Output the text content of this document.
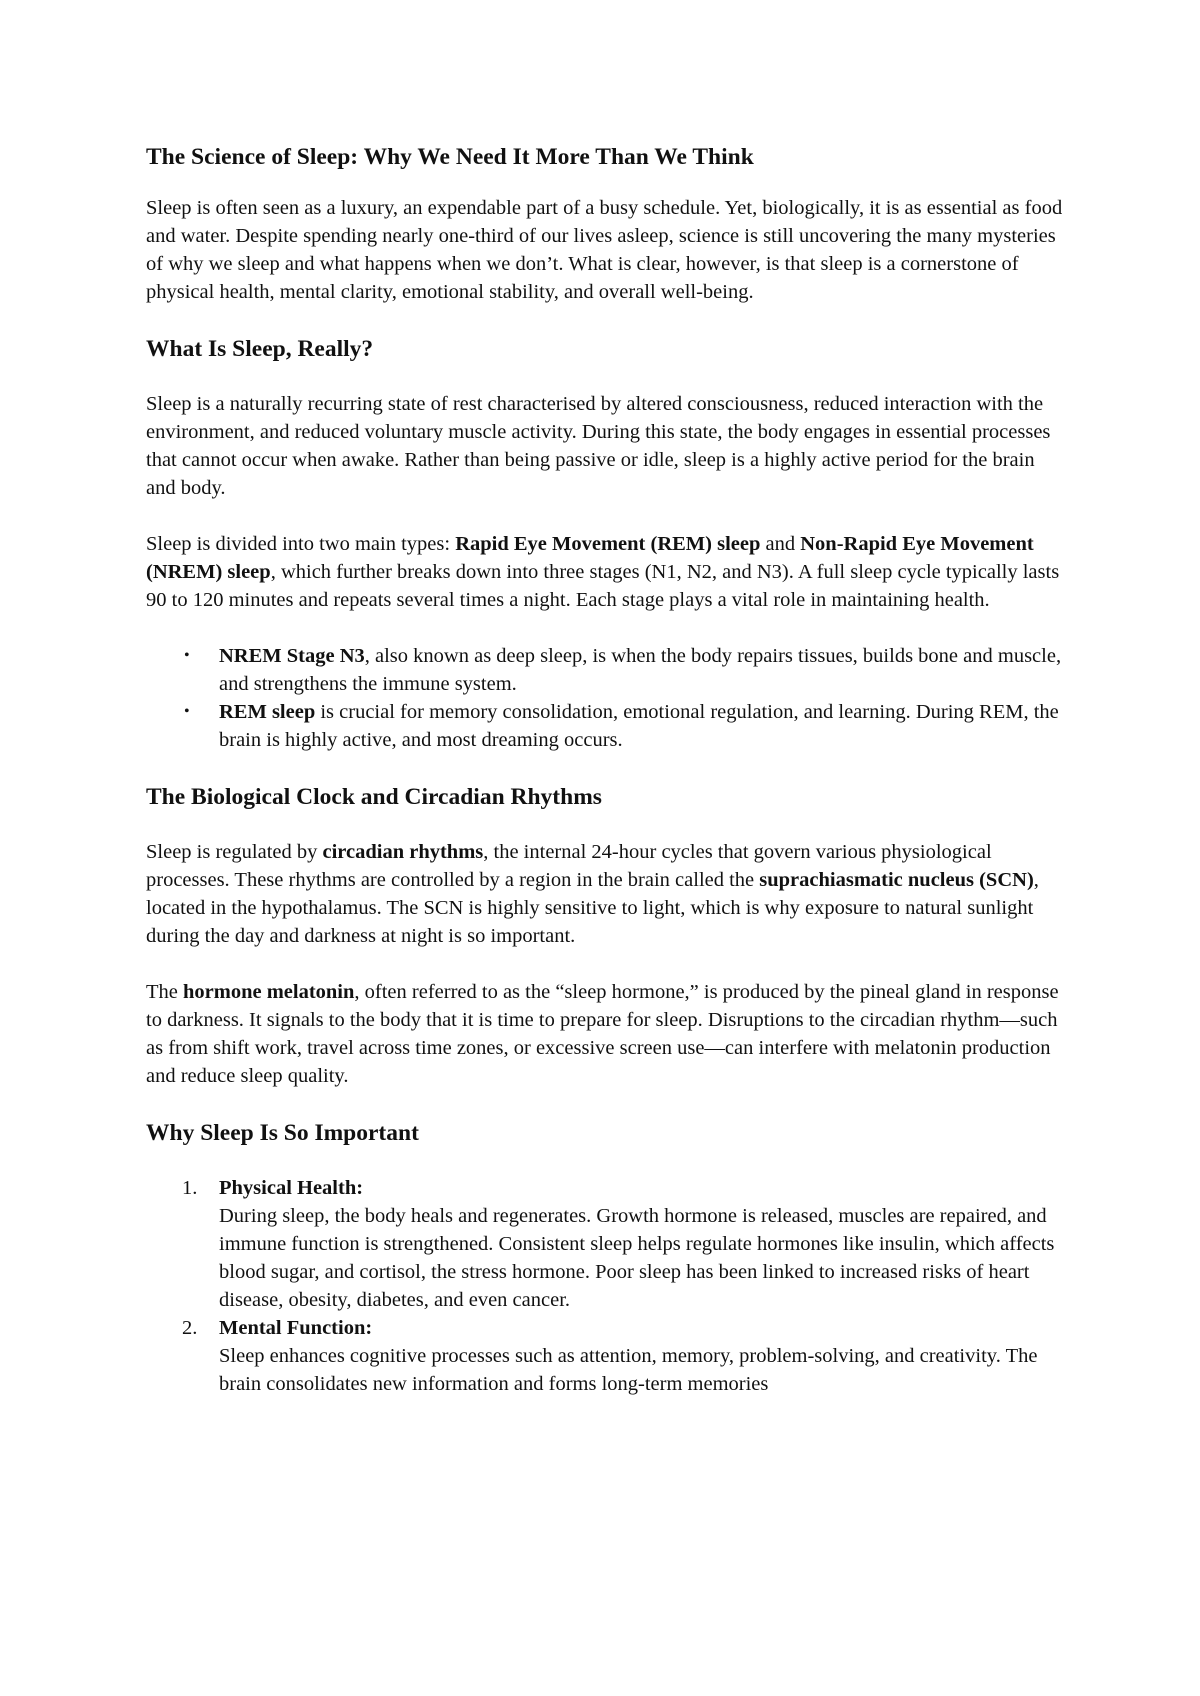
The Science of Sleep: Why We Need It More Than We Think

Sleep is often seen as a luxury, an expendable part of a busy schedule. Yet, biologically, it is as essential as food and water. Despite spending nearly one-third of our lives asleep, science is still uncovering the many mysteries of why we sleep and what happens when we don’t. What is clear, however, is that sleep is a cornerstone of physical health, mental clarity, emotional stability, and overall well-being.

What Is Sleep, Really?

Sleep is a naturally recurring state of rest characterised by altered consciousness, reduced interaction with the environment, and reduced voluntary muscle activity. During this state, the body engages in essential processes that cannot occur when awake. Rather than being passive or idle, sleep is a highly active period for the brain and body.

Sleep is divided into two main types: Rapid Eye Movement (REM) sleep and Non-Rapid Eye Movement (NREM) sleep, which further breaks down into three stages (N1, N2, and N3). A full sleep cycle typically lasts 90 to 120 minutes and repeats several times a night. Each stage plays a vital role in maintaining health.

• NREM Stage N3, also known as deep sleep, is when the body repairs tissues, builds bone and muscle, and strengthens the immune system.
• REM sleep is crucial for memory consolidation, emotional regulation, and learning. During REM, the brain is highly active, and most dreaming occurs.
The Biological Clock and Circadian Rhythms

Sleep is regulated by circadian rhythms, the internal 24-hour cycles that govern various physiological processes. These rhythms are controlled by a region in the brain called the suprachiasmatic nucleus (SCN), located in the hypothalamus. The SCN is highly sensitive to light, which is why exposure to natural sunlight during the day and darkness at night is so important.

The hormone melatonin, often referred to as the “sleep hormone,” is produced by the pineal gland in response to darkness. It signals to the body that it is time to prepare for sleep. Disruptions to the circadian rhythm—such as from shift work, travel across time zones, or excessive screen use—can interfere with melatonin production and reduce sleep quality.

Why Sleep Is So Important
1. Physical Health:
During sleep, the body heals and regenerates. Growth hormone is released, muscles are repaired, and immune function is strengthened. Consistent sleep helps regulate hormones like insulin, which affects blood sugar, and cortisol, the stress hormone. Poor sleep has been linked to increased risks of heart disease, obesity, diabetes, and even cancer.
2. Mental Function:
Sleep enhances cognitive processes such as attention, memory, problem-solving, and creativity. The brain consolidates new information and forms long-term memories
